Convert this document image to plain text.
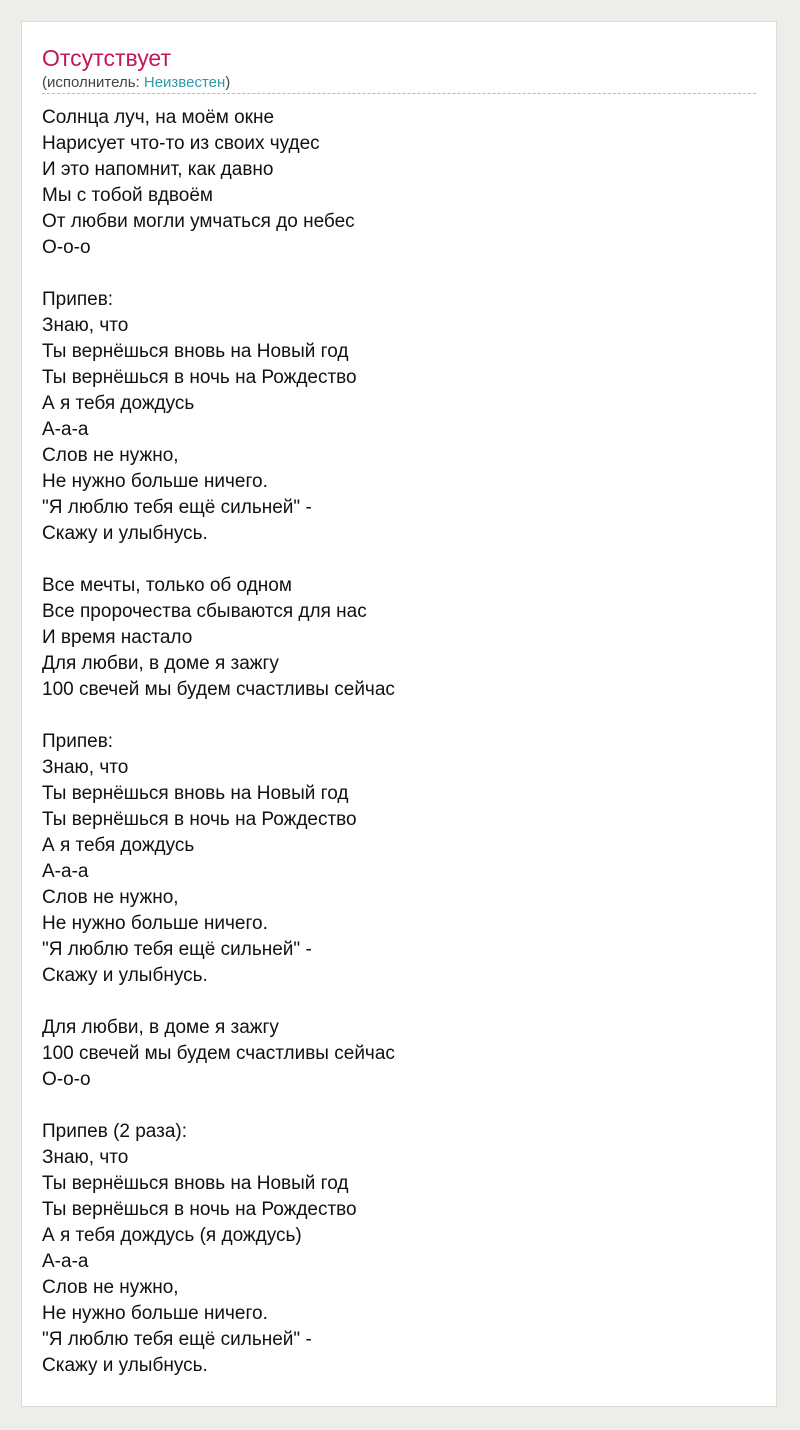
Отсутствует
(исполнитель: Неизвестен)
Солнца луч, на моём окне
Нарисует что-то из своих чудес
И это напомнит, как давно
Мы с тобой вдвоём
От любви могли умчаться до небес
О-о-о
Припев:
Знаю, что
Ты вернёшься вновь на Новый год
Ты вернёшься в ночь на Рождество
А я тебя дождусь
А-а-а
Слов не нужно,
Не нужно больше ничего.
"Я люблю тебя ещё сильней" -
Скажу и улыбнусь.
Все мечты, только об одном
Все пророчества сбываются для нас
И время настало
Для любви, в доме я зажгу
100 свечей мы будем счастливы сейчас
Припев:
Знаю, что
Ты вернёшься вновь на Новый год
Ты вернёшься в ночь на Рождество
А я тебя дождусь
А-а-а
Слов не нужно,
Не нужно больше ничего.
"Я люблю тебя ещё сильней" -
Скажу и улыбнусь.
Для любви, в доме я зажгу
100 свечей мы будем счастливы сейчас
О-о-о
Припев (2 раза):
Знаю, что
Ты вернёшься вновь на Новый год
Ты вернёшься в ночь на Рождество
А я тебя дождусь (я дождусь)
А-а-а
Слов не нужно,
Не нужно больше ничего.
"Я люблю тебя ещё сильней" -
Скажу и улыбнусь.
